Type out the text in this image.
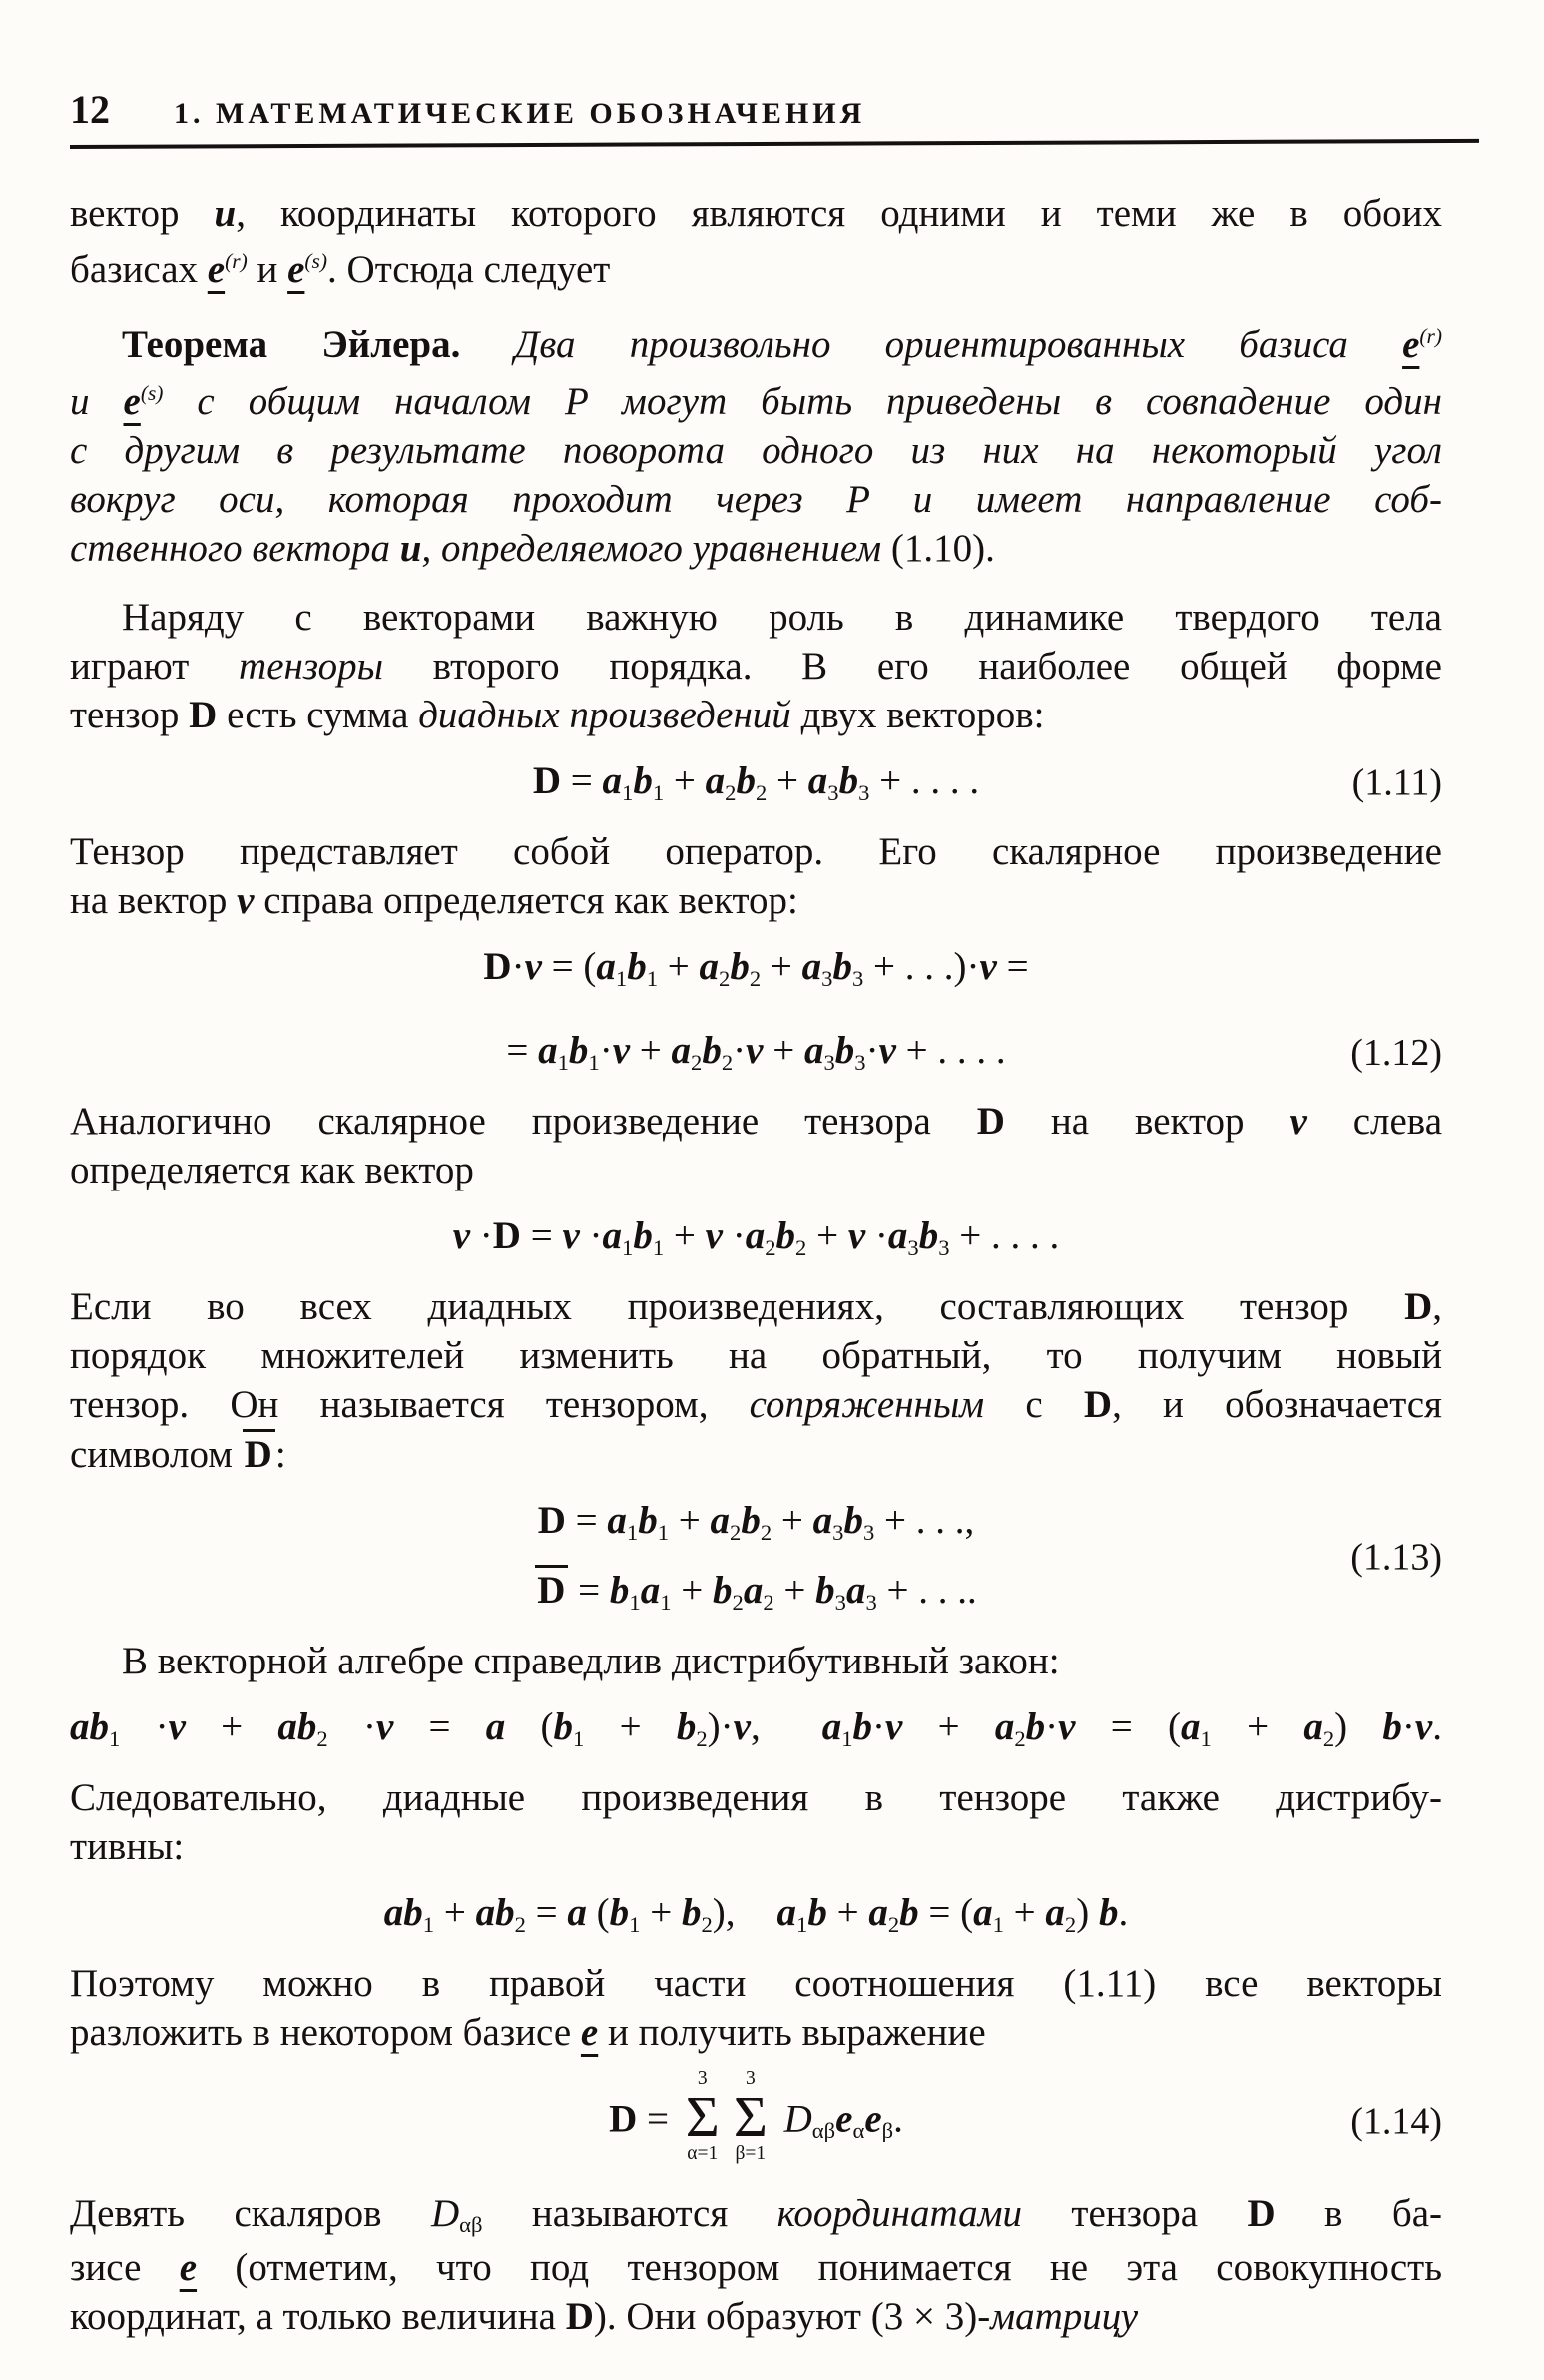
12 1. МАТЕМАТИЧЕСКИЕ ОБОЗНАЧЕНИЯ
вектор u, координаты которого являются одними и теми же в обоих
базисах $e^{(r)}$ и $e^{(s)}$. Отсюда следует
Теорема Эйлера. Два произвольно ориентированных базиса $e^{(r)}$
и $e^{(s)}$ с общим началом P могут быть приведены в совпадение один
с другим в результате поворота одного из них на некоторый угол
вокруг оси, которая проходит через P и имеет направление соб-
ственного вектора u, определяемого уравнением (1.10).
Наряду с векторами важную роль в динамике твердого тела
играют тензоры второго порядка. В его наиболее общей форме
тензор D есть сумма диадных произведений двух векторов:
$D = a_1b_1 + a_2b_2 + a_3b_3$ + . . . .	(1.11)
Тензор представляет собой оператор. Его скалярное произведение
на вектор v справа определяется как вектор:
$D\cdot v = (a_1b_1 + a_2b_2 + a_3b_3$ + . . .)·v =
= $a_1b_1\cdot v + a_2b_2\cdot v + a_3b_3\cdot v$ + . . . .	(1.12)
Аналогично скалярное произведение тензора D на вектор v слева
определяется как вектор
$v \cdot D = v \cdot a_1b_1 + v \cdot a_2b_2 + v \cdot a_3b_3$ + . . . .
Если во всех диадных произведениях, составляющих тензор D,
порядок множителей изменить на обратный, то получим новый
тензор. Он называется тензором, сопряженным с D, и обозначается
символом D:
$D = a_1b_1 + a_2b_2 + a_3b_3$ + . . .,
$D = b_1a_1 + b_2a_2 + b_3a_3$ + . . ..
(1.13)
В векторной алгебре справедлив дистрибутивный закон:
$ab_1 \cdot v + ab_2 \cdot v = a$ $(b_1 + b_2)\cdot v$, $a_1b\cdot v + a_2b\cdot v = (a_1 + a_2)$ b·v.
Следовательно, диадные произведения в тензоре также дистрибу-
тивны:
$ab_1 + ab_2 = a$ $(b_1 + b_2)$, $a_1b + a_2b = (a_1 + a_2)$ b.
Поэтому можно в правой части соотношения (1.11) все векторы
разложить в некотором базисе e и получить выражение
D =
3
Σ
α=1
3
Σ
β=1
$D_{\alpha\beta}e_\alpha e_\beta$.	(1.14)
Девять скаляров $D_{\alpha\beta}$ называются координатами тензора D в ба-
зисе e (отметим, что под тензором понимается не эта совокупность
координат, а только величина D). Они образуют (3 × 3)-матрицу
